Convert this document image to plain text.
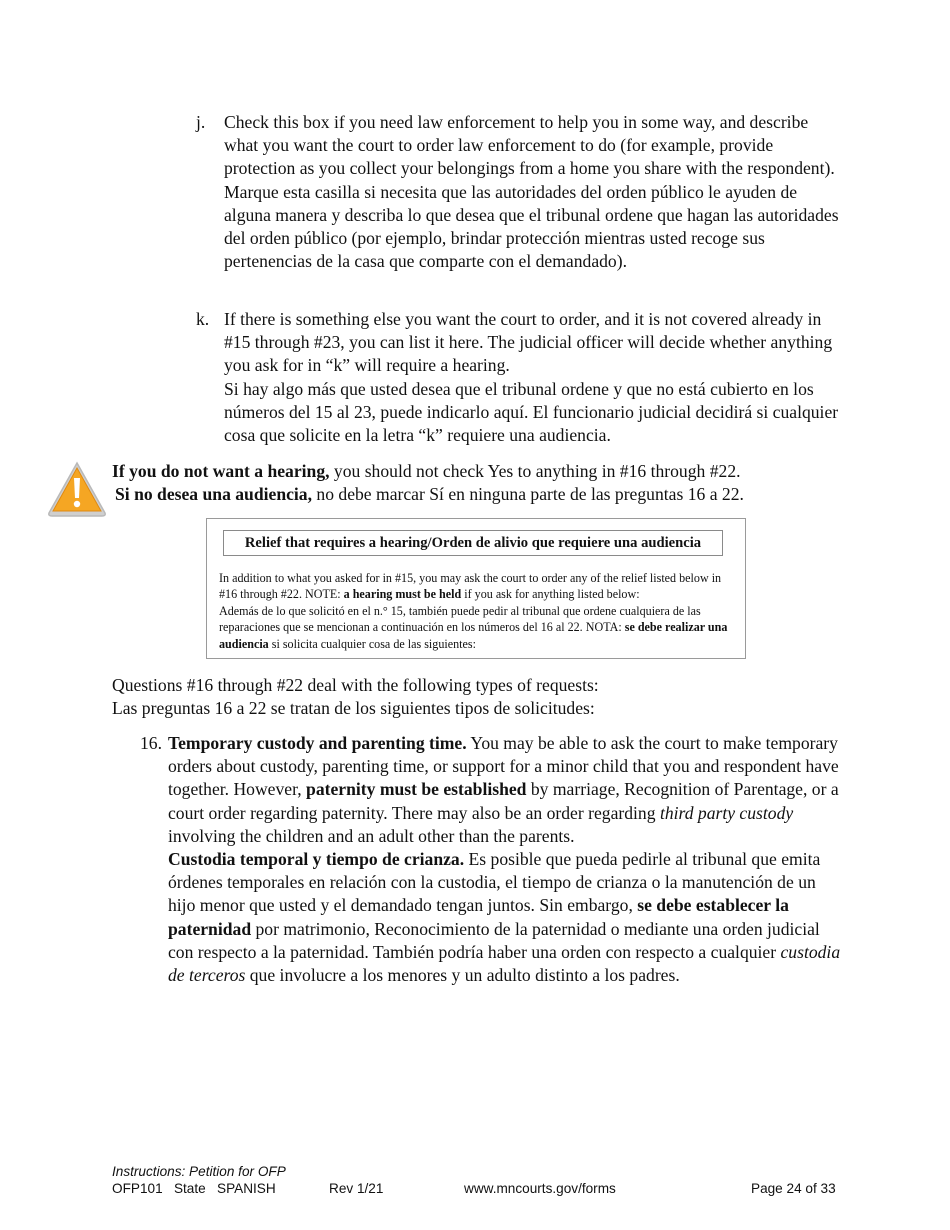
j. Check this box if you need law enforcement to help you in some way, and describe what you want the court to order law enforcement to do (for example, provide protection as you collect your belongings from a home you share with the respondent).

Marque esta casilla si necesita que las autoridades del orden público le ayuden de alguna manera y describa lo que desea que el tribunal ordene que hagan las autoridades del orden público (por ejemplo, brindar protección mientras usted recoge sus pertenencias de la casa que comparte con el demandado).

k. If there is something else you want the court to order, and it is not covered already in #15 through #23, you can list it here. The judicial officer will decide whether anything you ask for in “k” will require a hearing.

Si hay algo más que usted desea que el tribunal ordene y que no está cubierto en los números del 15 al 23, puede indicarlo aquí. El funcionario judicial decidirá si cualquier cosa que solicite en la letra “k” requiere una audiencia.

If you do not want a hearing, you should not check Yes to anything in #16 through #22.

Si no desea una audiencia, no debe marcar Sí en ninguna parte de las preguntas 16 a 22.

Relief that requires a hearing/Orden de alivio que requiere una audiencia

In addition to what you asked for in #15, you may ask the court to order any of the relief listed below in #16 through #22. NOTE: a hearing must be held if you ask for anything listed below:

Además de lo que solicitó en el n.° 15, también puede pedir al tribunal que ordene cualquiera de las reparaciones que se mencionan a continuación en los números del 16 al 22. NOTA: se debe realizar una audiencia si solicita cualquier cosa de las siguientes:

Questions #16 through #22 deal with the following types of requests:

Las preguntas 16 a 22 se tratan de los siguientes tipos de solicitudes:

16. Temporary custody and parenting time. You may be able to ask the court to make temporary orders about custody, parenting time, or support for a minor child that you and respondent have together. However, paternity must be established by marriage, Recognition of Parentage, or a court order regarding paternity. There may also be an order regarding third party custody involving the children and an adult other than the parents.

Custodia temporal y tiempo de crianza. Es posible que pueda pedirle al tribunal que emita órdenes temporales en relación con la custodia, el tiempo de crianza o la manutención de un hijo menor que usted y el demandado tengan juntos. Sin embargo, se debe establecer la paternidad por matrimonio, Reconocimiento de la paternidad o mediante una orden judicial con respecto a la paternidad. También podría haber una orden con respecto a cualquier custodia de terceros que involucre a los menores y un adulto distinto a los padres.

Instructions: Petition for OFP
OFP101   State   SPANISH	Rev 1/21	www.mncourts.gov/forms	Page 24 of 33
